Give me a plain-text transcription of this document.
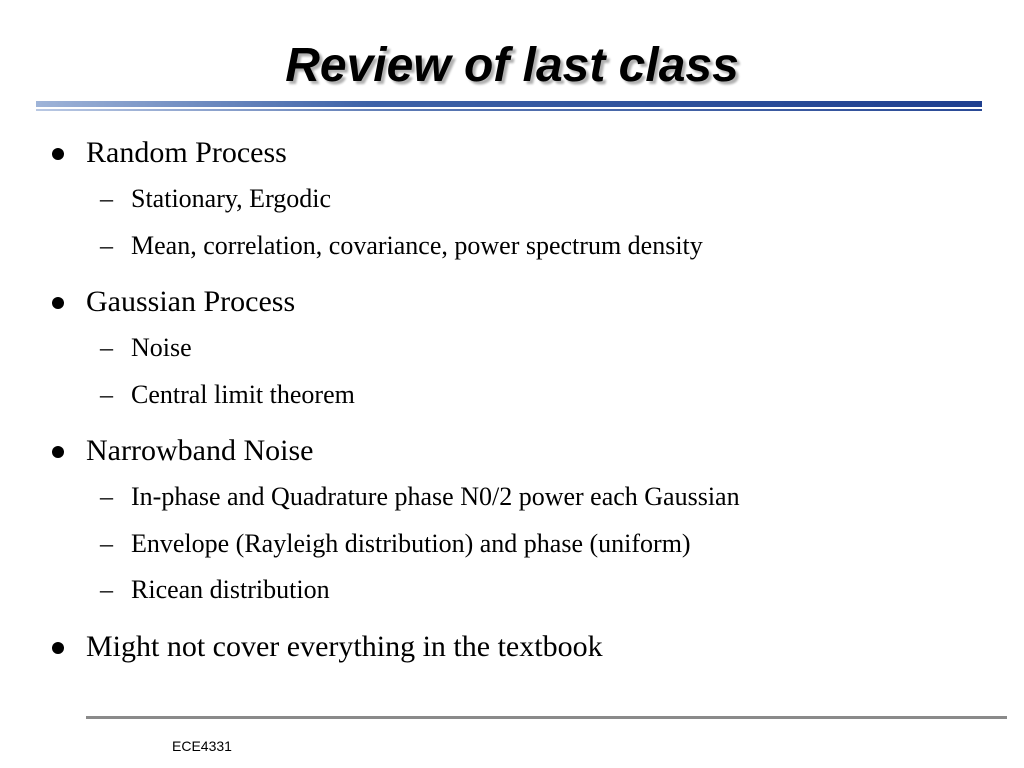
Review of last class
Random Process
– Stationary, Ergodic
– Mean, correlation, covariance, power spectrum density
Gaussian Process
– Noise
– Central limit theorem
Narrowband Noise
– In-phase and Quadrature phase N0/2 power each Gaussian
– Envelope (Rayleigh distribution) and phase (uniform)
– Ricean distribution
Might not cover everything in the textbook
ECE4331
